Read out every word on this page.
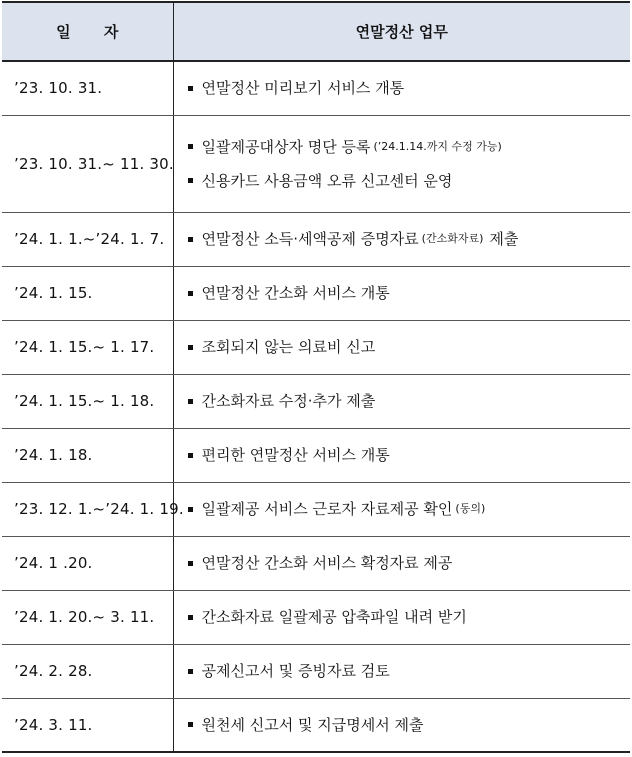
일 자	연말정산 업무
’23. 10. 31.	연말정산 미리보기 서비스 개통

’23. 10. 31.~ 11. 30.	일괄제공대상자 명단 등록 (’24.1.14.까지 수정 가능)
신용카드 사용금액 오류 신고센터 운영

’24. 1. 1.~’24. 1. 7.	연말정산 소득·세액공제 증명자료 (간소화자료) 제출

’24. 1. 15.	연말정산 간소화 서비스 개통

’24. 1. 15.~ 1. 17.	조회되지 않는 의료비 신고

’24. 1. 15.~ 1. 18.	간소화자료 수정·추가 제출

’24. 1. 18.	편리한 연말정산 서비스 개통

’23. 12. 1.~’24. 1. 19.	일괄제공 서비스 근로자 자료제공 확인 (동의)

’24. 1 .20.	연말정산 간소화 서비스 확정자료 제공

’24. 1. 20.~ 3. 11.	간소화자료 일괄제공 압축파일 내려 받기

’24. 2. 28.	공제신고서 및 증빙자료 검토

’24. 3. 11.	원천세 신고서 및 지급명세서 제출
